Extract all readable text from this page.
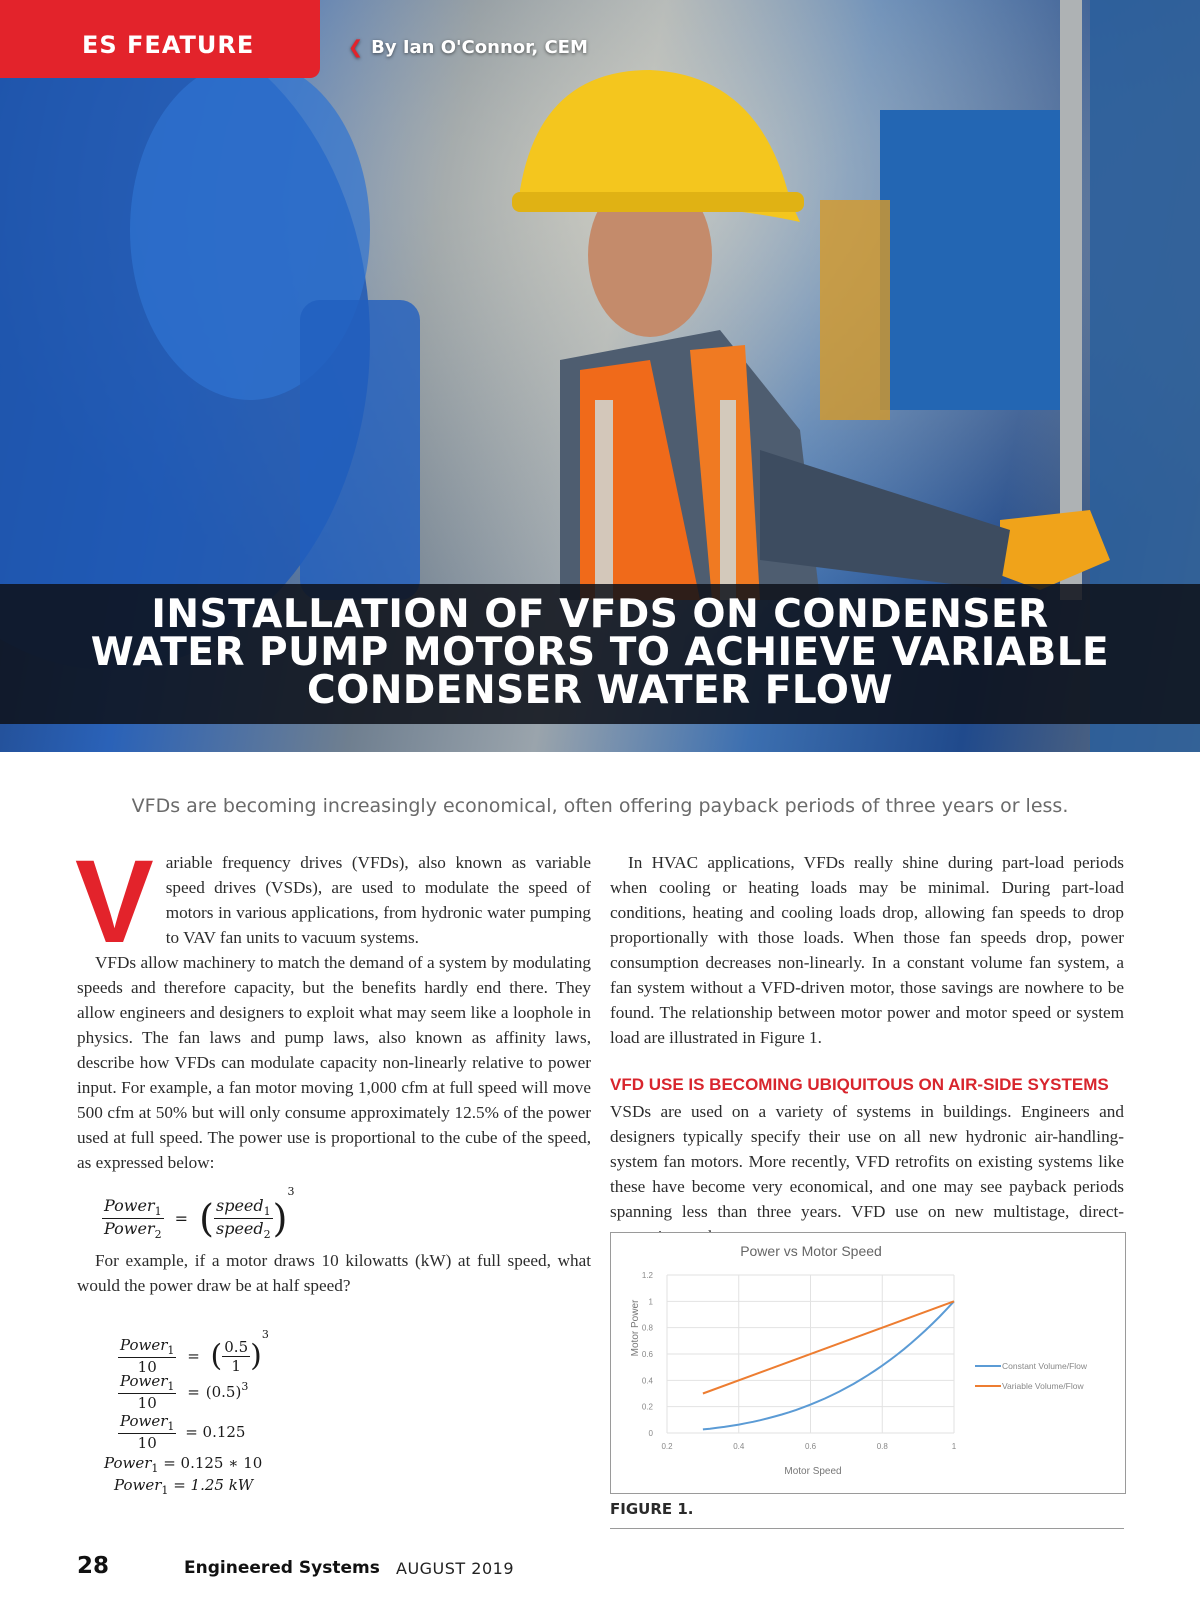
ES FEATURE	❮ By Ian O'Connor, CEM
INSTALLATION OF VFDS ON CONDENSER
WATER PUMP MOTORS TO ACHIEVE VARIABLE
CONDENSER WATER FLOW
VFDs are becoming increasingly economical, often offering payback periods of three years or less.

Variable frequency drives (VFDs), also known as variable speed drives (VSDs), are used to modulate the speed of motors in various applications, from hydronic water pumping to VAV fan units to vacuum systems.

VFDs allow machinery to match the demand of a system by modulating speeds and therefore capacity, but the benefits hardly end there. They allow engineers and designers to exploit what may seem like a loophole in physics. The fan laws and pump laws, also known as affinity laws, describe how VFDs can modulate capacity non-linearly relative to power input. For example, a fan motor moving 1,000 cfm at full speed will move 500 cfm at 50% but will only consume approximately 12.5% of the power used at full speed. The power use is proportional to the cube of the speed, as expressed below:

$\frac{Power_1}{Power_2}$ = ( $\frac{speed_1}{speed_2} )^3$

For example, if a motor draws 10 kilowatts (kW) at full speed, what would the power draw be at half speed?

$\frac{Power_1}{10}$ = ( $\frac{0.5}{1} )^3$
$\frac{Power_1}{10} = (0.5)^3$
$\frac{Power_1}{10} = 0.125$
Power$_1$ = 0.125 ∗ 10
Power$_1$ = 1.25 kW

In HVAC applications, VFDs really shine during part-load periods when cooling or heating loads may be minimal. During part-load conditions, heating and cooling loads drop, allowing fan speeds to drop proportionally with those loads. When those fan speeds drop, power consumption decreases non-linearly. In a constant volume fan system, a fan system without a VFD-driven motor, those savings are nowhere to be found. The relationship between motor power and motor speed or system load are illustrated in Figure 1.

VFD USE IS BECOMING UBIQUITOUS ON AIR-SIDE SYSTEMS

VSDs are used on a variety of systems in buildings. Engineers and designers typically specify their use on all new hydronic air-handling-system fan motors. More recently, VFD retrofits on existing systems like these have become very economical, and one may see payback periods spanning less than three years. VFD use on new multistage, direct-

Power vs Motor Speed
Motor Power
Motor Speed
0
0.2
0.4
0.6
0.8
1
1.2
0.2	0.4	0.6	0.8	1
Constant Volume/Flow
Variable Volume/Flow
FIGURE 1.
28	Engineered Systems AUGUST 2019
